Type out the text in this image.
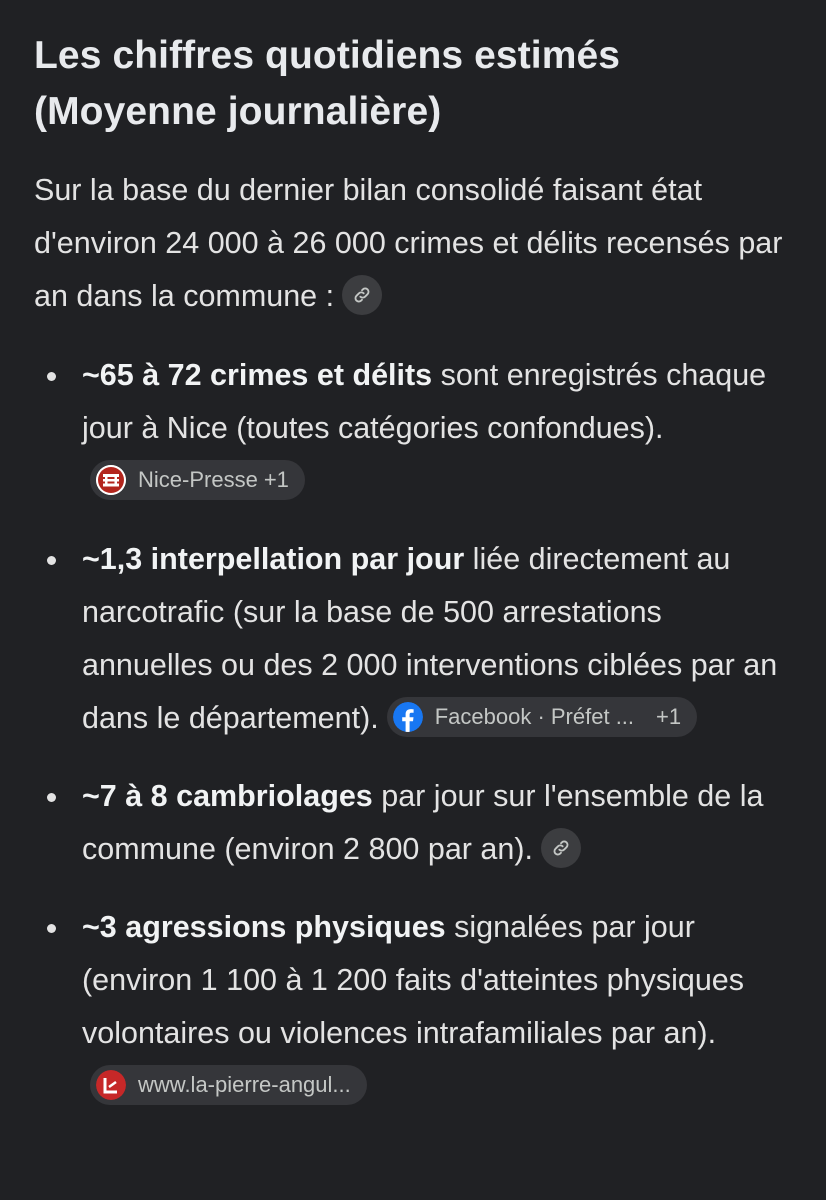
Les chiffres quotidiens estimés
(Moyenne journalière)

Sur la base du dernier bilan consolidé faisant état d'environ 24 000 à 26 000 crimes et délits recensés par an dans la commune :

~65 à 72 crimes et délits sont enregistrés chaque jour à Nice (toutes catégories confondues).
Nice-Presse +1
~1,3 interpellation par jour liée directement au narcotrafic (sur la base de 500 arrestations annuelles ou des 2 000 interventions ciblées par an dans le département).	Facebook · Préfet ... +1
~7 à 8 cambriolages par jour sur l'ensemble de la commune (environ 2 800 par an).
~3 agressions physiques signalées par jour (environ 1 100 à 1 200 faits d'atteintes physiques volontaires ou violences intrafamiliales par an).
www.la-pierre-angul...
